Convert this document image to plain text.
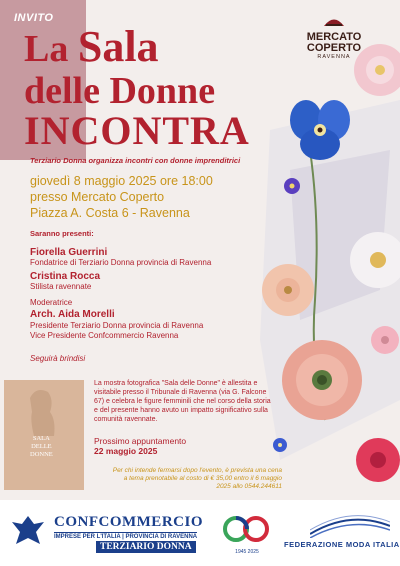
MERCATO
COPERTO
RAVENNA
INVITO
La Sala
delle Donne
INCONTRA
Terziario Donna organizza incontri con donne imprenditrici
giovedì 8 maggio 2025 ore 18:00
presso Mercato Coperto
Piazza A. Costa 6 - Ravenna
Saranno presenti:
Fiorella Guerrini
Fondatrice di Terziario Donna provincia di Ravenna
Cristina Rocca
Stilista ravennate
Moderatrice
Arch. Aida Morelli
Presidente Terziario Donna provincia di Ravenna
Vice Presidente Confcommercio Ravenna
Seguirà brindisi
SALA
DELLE
DONNE

La mostra fotografica "Sala delle Donne" è allestita e visitabile presso il Tribunale di Ravenna (via G. Falcone 67) e celebra le figure femminili che nel corso della storia e del presente hanno avuto un impatto significativo sulla comunità ravennate.

Prossimo appuntamento
22 maggio 2025
Per chi intende fermarsi dopo l'evento, è prevista una cena a tema prenotabile al costo di € 35,00 entro il 6 maggio 2025 allo 0544.244611
CONFCOMMERCIO
IMPRESE PER L'ITALIA | PROVINCIA DI RAVENNA
TERZIARIO DONNA	1945 2025
FEDERAZIONE MODA ITALIA
